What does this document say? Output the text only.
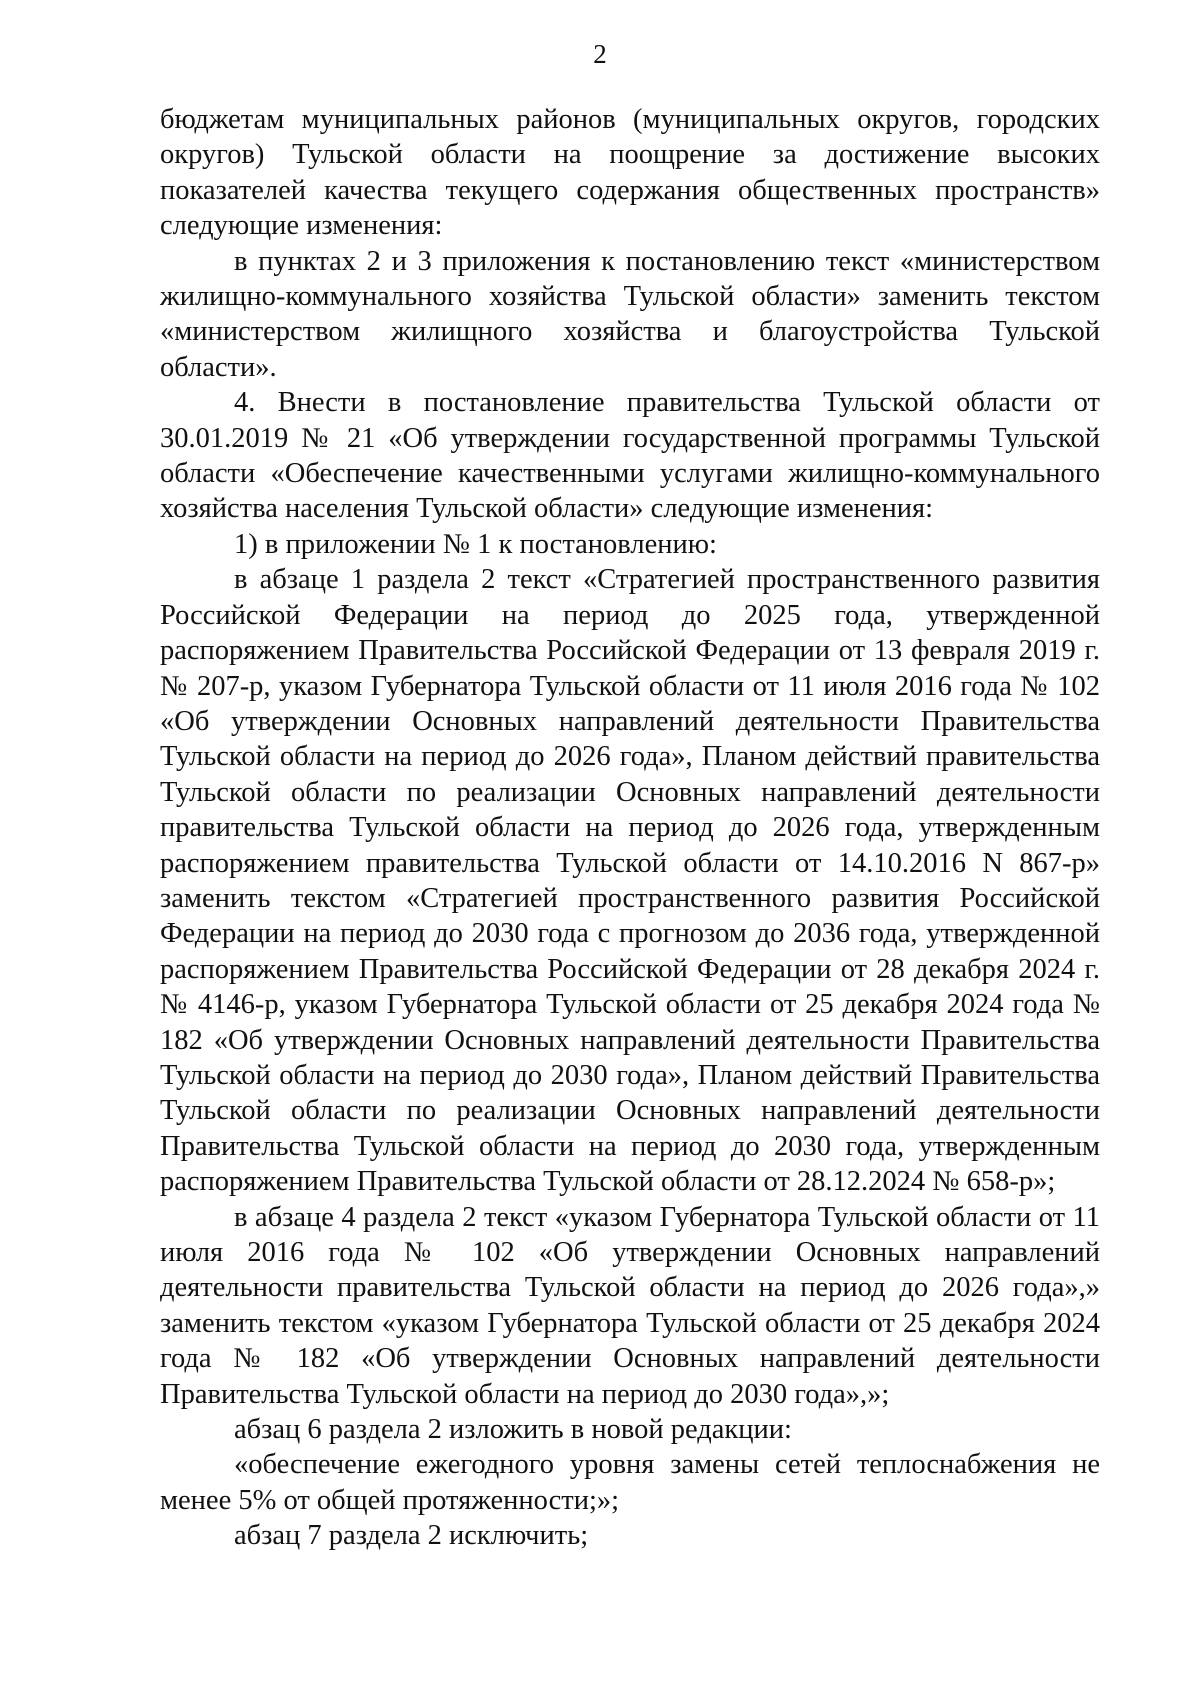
2

бюджетам муниципальных районов (муниципальных округов, городских округов) Тульской области на поощрение за достижение высоких показателей качества текущего содержания общественных пространств» следующие изменения:

в пунктах 2 и 3 приложения к постановлению текст «министерством жилищно-коммунального хозяйства Тульской области» заменить текстом «министерством жилищного хозяйства и благоустройства Тульской области».

4. Внести в постановление правительства Тульской области от 30.01.2019 № 21 «Об утверждении государственной программы Тульской области «Обеспечение качественными услугами жилищно-коммунального хозяйства населения Тульской области» следующие изменения:

1) в приложении № 1 к постановлению:

в абзаце 1 раздела 2 текст «Стратегией пространственного развития Российской Федерации на период до 2025 года, утвержденной распоряжением Правительства Российской Федерации от 13 февраля 2019 г. № 207-р, указом Губернатора Тульской области от 11 июля 2016 года № 102 «Об утверждении Основных направлений деятельности Правительства Тульской области на период до 2026 года», Планом действий правительства Тульской области по реализации Основных направлений деятельности правительства Тульской области на период до 2026 года, утвержденным распоряжением правительства Тульской области от 14.10.2016 N 867-р» заменить текстом «Стратегией пространственного развития Российской Федерации на период до 2030 года с прогнозом до 2036 года, утвержденной распоряжением Правительства Российской Федерации от 28 декабря 2024 г. № 4146-р, указом Губернатора Тульской области от 25 декабря 2024 года № 182 «Об утверждении Основных направлений деятельности Правительства Тульской области на период до 2030 года», Планом действий Правительства Тульской области по реализации Основных направлений деятельности Правительства Тульской области на период до 2030 года, утвержденным распоряжением Правительства Тульской области от 28.12.2024 № 658-р»;

в абзаце 4 раздела 2 текст «указом Губернатора Тульской области от 11 июля 2016 года № 102 «Об утверждении Основных направлений деятельности правительства Тульской области на период до 2026 года»,» заменить текстом «указом Губернатора Тульской области от 25 декабря 2024 года № 182 «Об утверждении Основных направлений деятельности Правительства Тульской области на период до 2030 года»,»;

абзац 6 раздела 2 изложить в новой редакции:

«обеспечение ежегодного уровня замены сетей теплоснабжения не менее 5% от общей протяженности;»;

абзац 7 раздела 2 исключить;
